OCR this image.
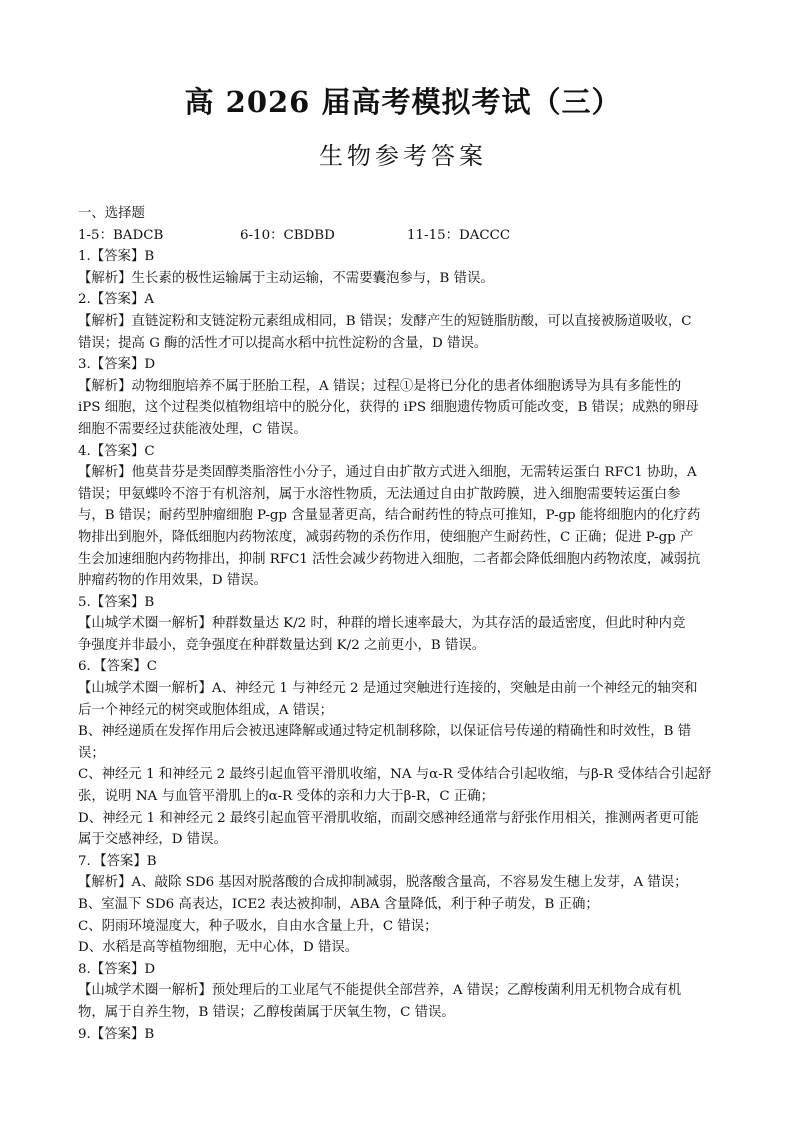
高 2026 届高考模拟考试（三）
生物参考答案
一、选择题
1-5：BADCB	6-10：CBDBD	11-15：DACCC
1.【答案】B
【解析】生长素的极性运输属于主动运输，不需要囊泡参与，B 错误。
2.【答案】A
【解析】直链淀粉和支链淀粉元素组成相同，B 错误；发酵产生的短链脂肪酸，可以直接被肠道吸收，C
错误；提高 G 酶的活性才可以提高水稻中抗性淀粉的含量，D 错误。
3.【答案】D
【解析】动物细胞培养不属于胚胎工程，A 错误；过程①是将已分化的患者体细胞诱导为具有多能性的
iPS 细胞，这个过程类似植物组培中的脱分化，获得的 iPS 细胞遗传物质可能改变，B 错误；成熟的卵母
细胞不需要经过获能液处理，C 错误。
4.【答案】C
【解析】他莫昔芬是类固醇类脂溶性小分子，通过自由扩散方式进入细胞，无需转运蛋白 RFC1 协助，A
错误；甲氨蝶呤不溶于有机溶剂，属于水溶性物质，无法通过自由扩散跨膜，进入细胞需要转运蛋白参
与，B 错误；耐药型肿瘤细胞 P-gp 含量显著更高，结合耐药性的特点可推知，P-gp 能将细胞内的化疗药
物排出到胞外，降低细胞内药物浓度，减弱药物的杀伤作用，使细胞产生耐药性，C 正确；促进 P-gp 产
生会加速细胞内药物排出，抑制 RFC1 活性会减少药物进入细胞，二者都会降低细胞内药物浓度，减弱抗
肿瘤药物的作用效果，D 错误。
5.【答案】B
【山城学术圈一解析】种群数量达 K/2 时，种群的增长速率最大，为其存活的最适密度，但此时种内竞
争强度并非最小，竞争强度在种群数量达到 K/2 之前更小，B 错误。
6．【答案】C
【山城学术圈一解析】A、神经元 1 与神经元 2 是通过突触进行连接的，突触是由前一个神经元的轴突和
后一个神经元的树突或胞体组成，A 错误；
B、神经递质在发挥作用后会被迅速降解或通过特定机制移除，以保证信号传递的精确性和时效性，B 错
误；
C、神经元 1 和神经元 2 最终引起血管平滑肌收缩，NA 与α-R 受体结合引起收缩，与β-R 受体结合引起舒
张，说明 NA 与血管平滑肌上的α-R 受体的亲和力大于β-R，C 正确；
D、神经元 1 和神经元 2 最终引起血管平滑肌收缩，而副交感神经通常与舒张作用相关，推测两者更可能
属于交感神经，D 错误。
7．【答案】B
【解析】A、敲除 SD6 基因对脱落酸的合成抑制减弱，脱落酸含量高，不容易发生穗上发芽，A 错误；
B、室温下 SD6 高表达，ICE2 表达被抑制，ABA 含量降低，利于种子萌发，B 正确；
C、阴雨环境湿度大，种子吸水，自由水含量上升，C 错误；
D、水稻是高等植物细胞，无中心体，D 错误。
8.【答案】D
【山城学术圈一解析】预处理后的工业尾气不能提供全部营养，A 错误；乙醇梭菌利用无机物合成有机
物，属于自养生物，B 错误；乙醇梭菌属于厌氧生物，C 错误。
9.【答案】B
